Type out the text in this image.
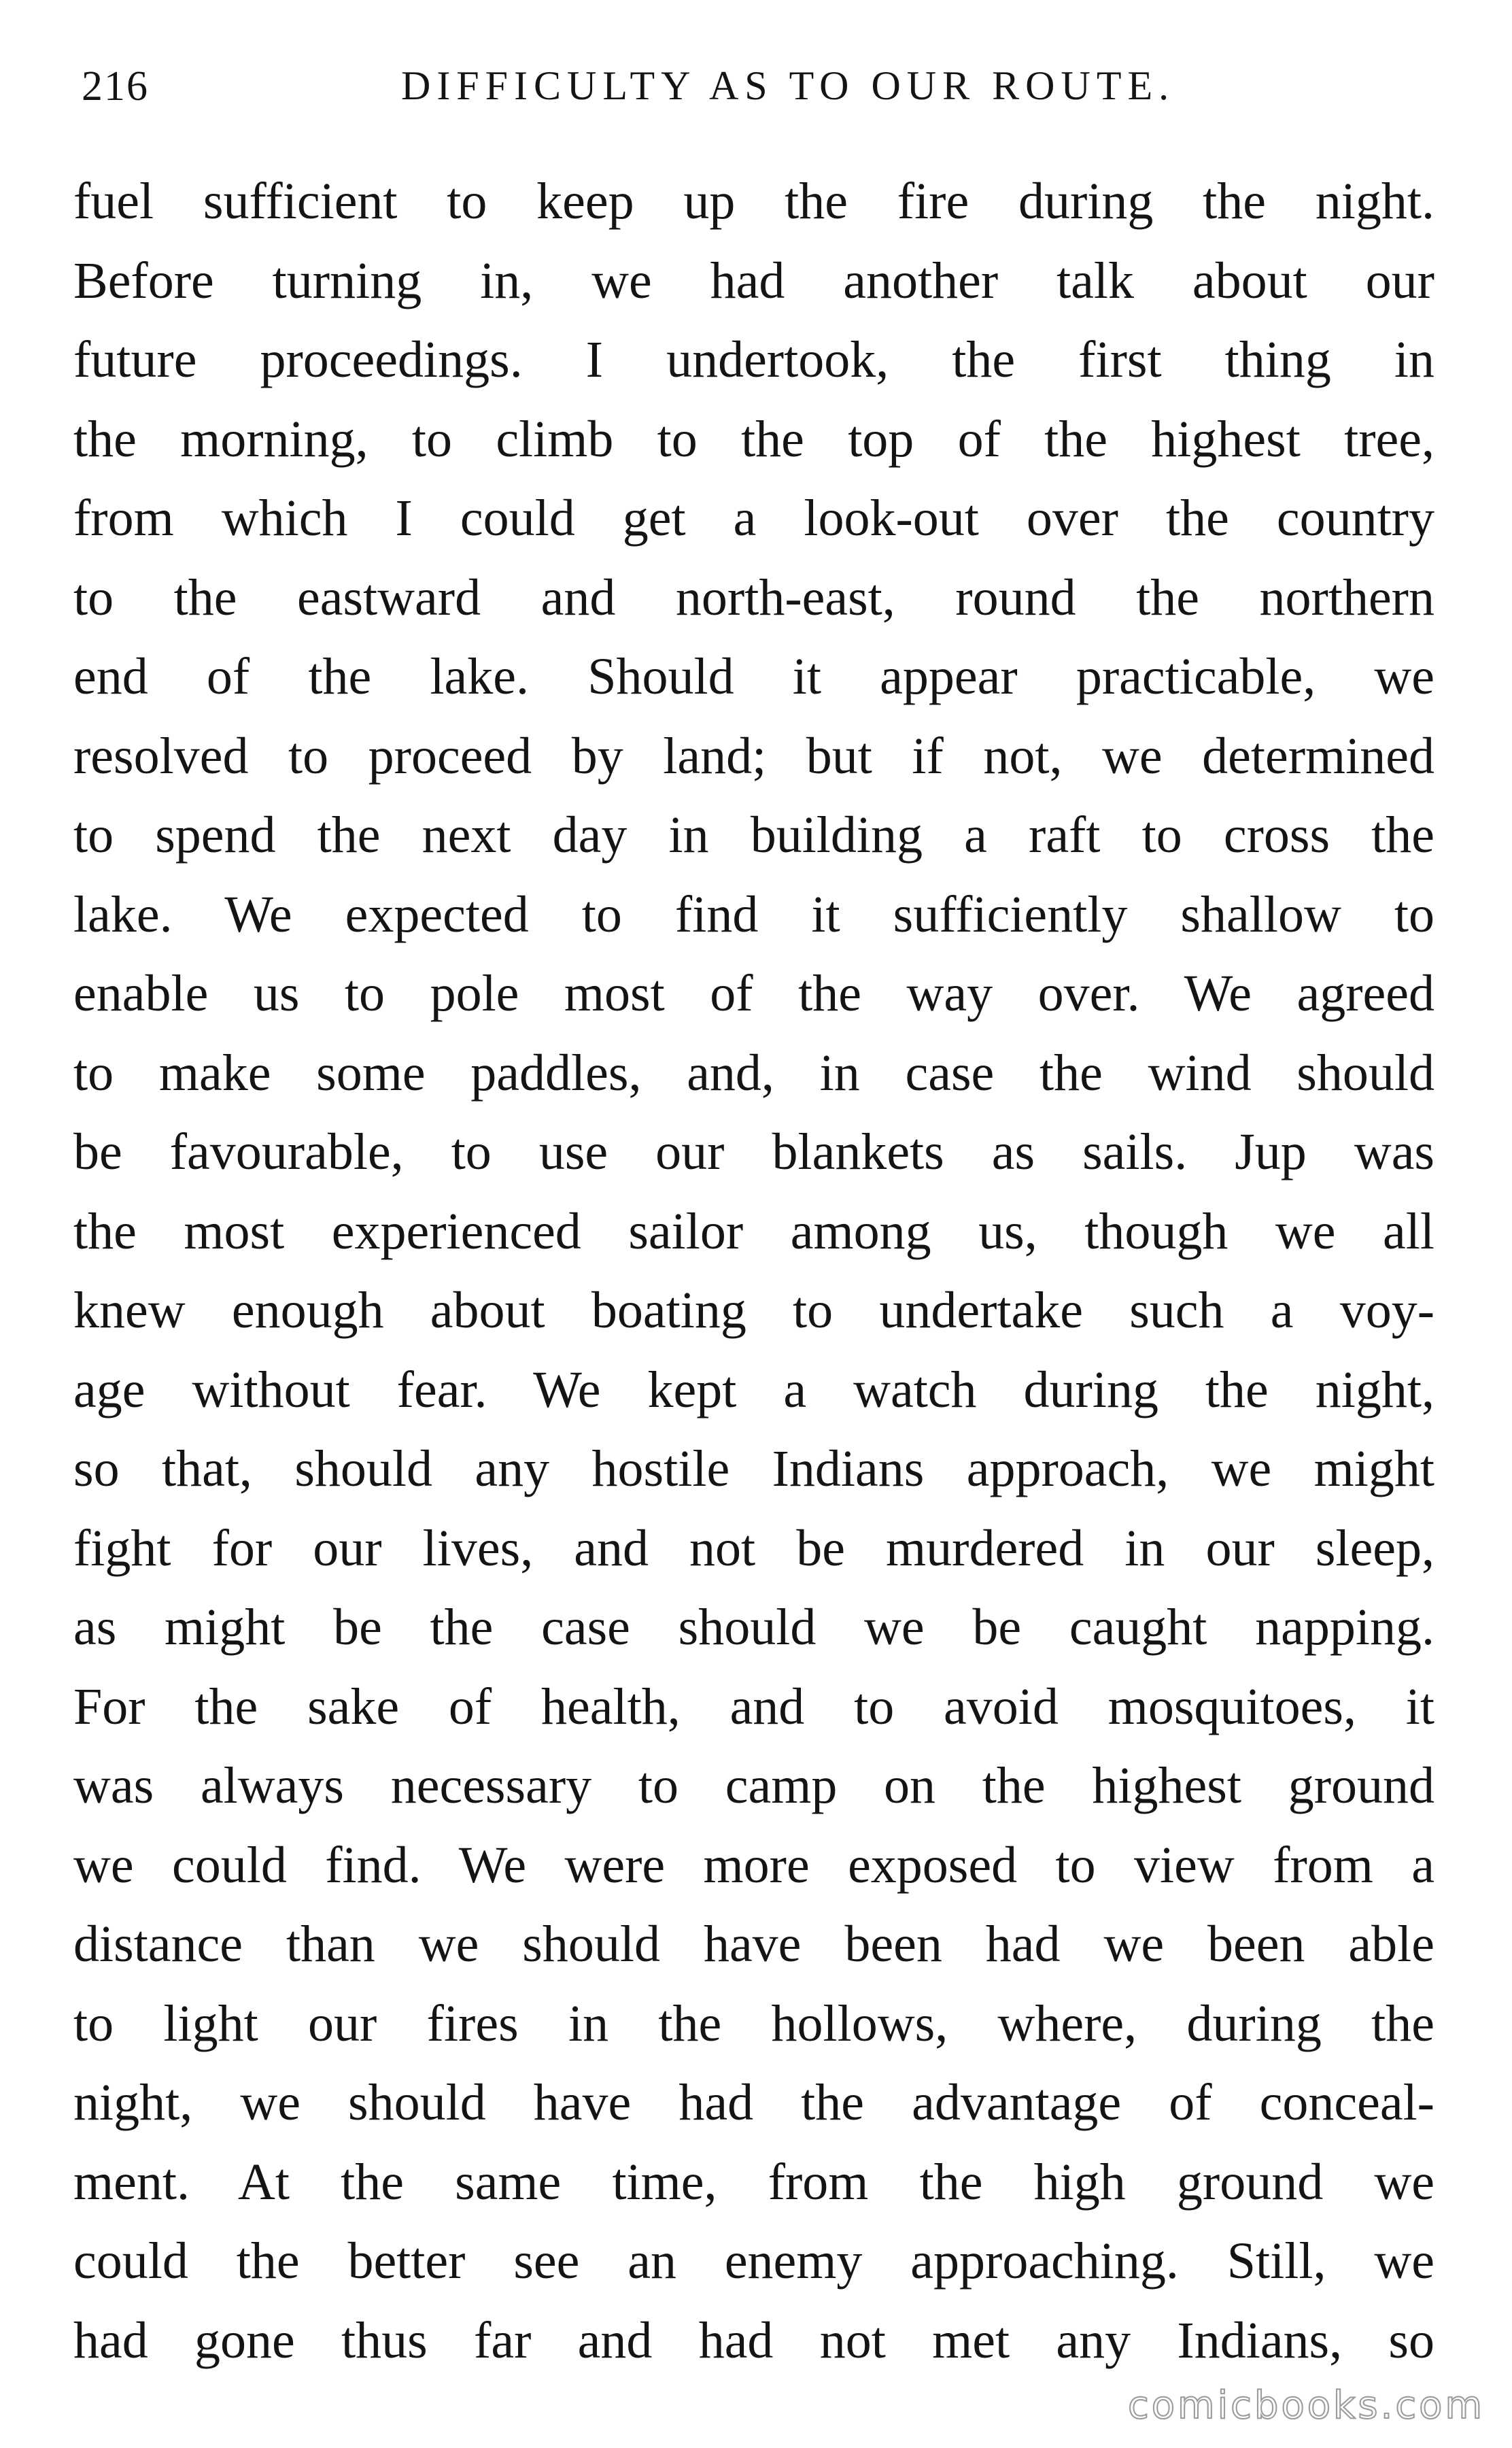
216	DIFFICULTY AS TO OUR ROUTE.
fuel sufficient to keep up the fire during the night.
Before turning in, we had another talk about our
future proceedings. I undertook, the first thing in
the morning, to climb to the top of the highest tree,
from which I could get a look-out over the country
to the eastward and north-east, round the northern
end of the lake. Should it appear practicable, we
resolved to proceed by land; but if not, we determined
to spend the next day in building a raft to cross the
lake. We expected to find it sufficiently shallow to
enable us to pole most of the way over. We agreed
to make some paddles, and, in case the wind should
be favourable, to use our blankets as sails. Jup was
the most experienced sailor among us, though we all
knew enough about boating to undertake such a voy-
age without fear. We kept a watch during the night,
so that, should any hostile Indians approach, we might
fight for our lives, and not be murdered in our sleep,
as might be the case should we be caught napping.
For the sake of health, and to avoid mosquitoes, it
was always necessary to camp on the highest ground
we could find. We were more exposed to view from a
distance than we should have been had we been able
to light our fires in the hollows, where, during the
night, we should have had the advantage of conceal-
ment. At the same time, from the high ground we
could the better see an enemy approaching. Still, we
had gone thus far and had not met any Indians, so
comicbooks.com
